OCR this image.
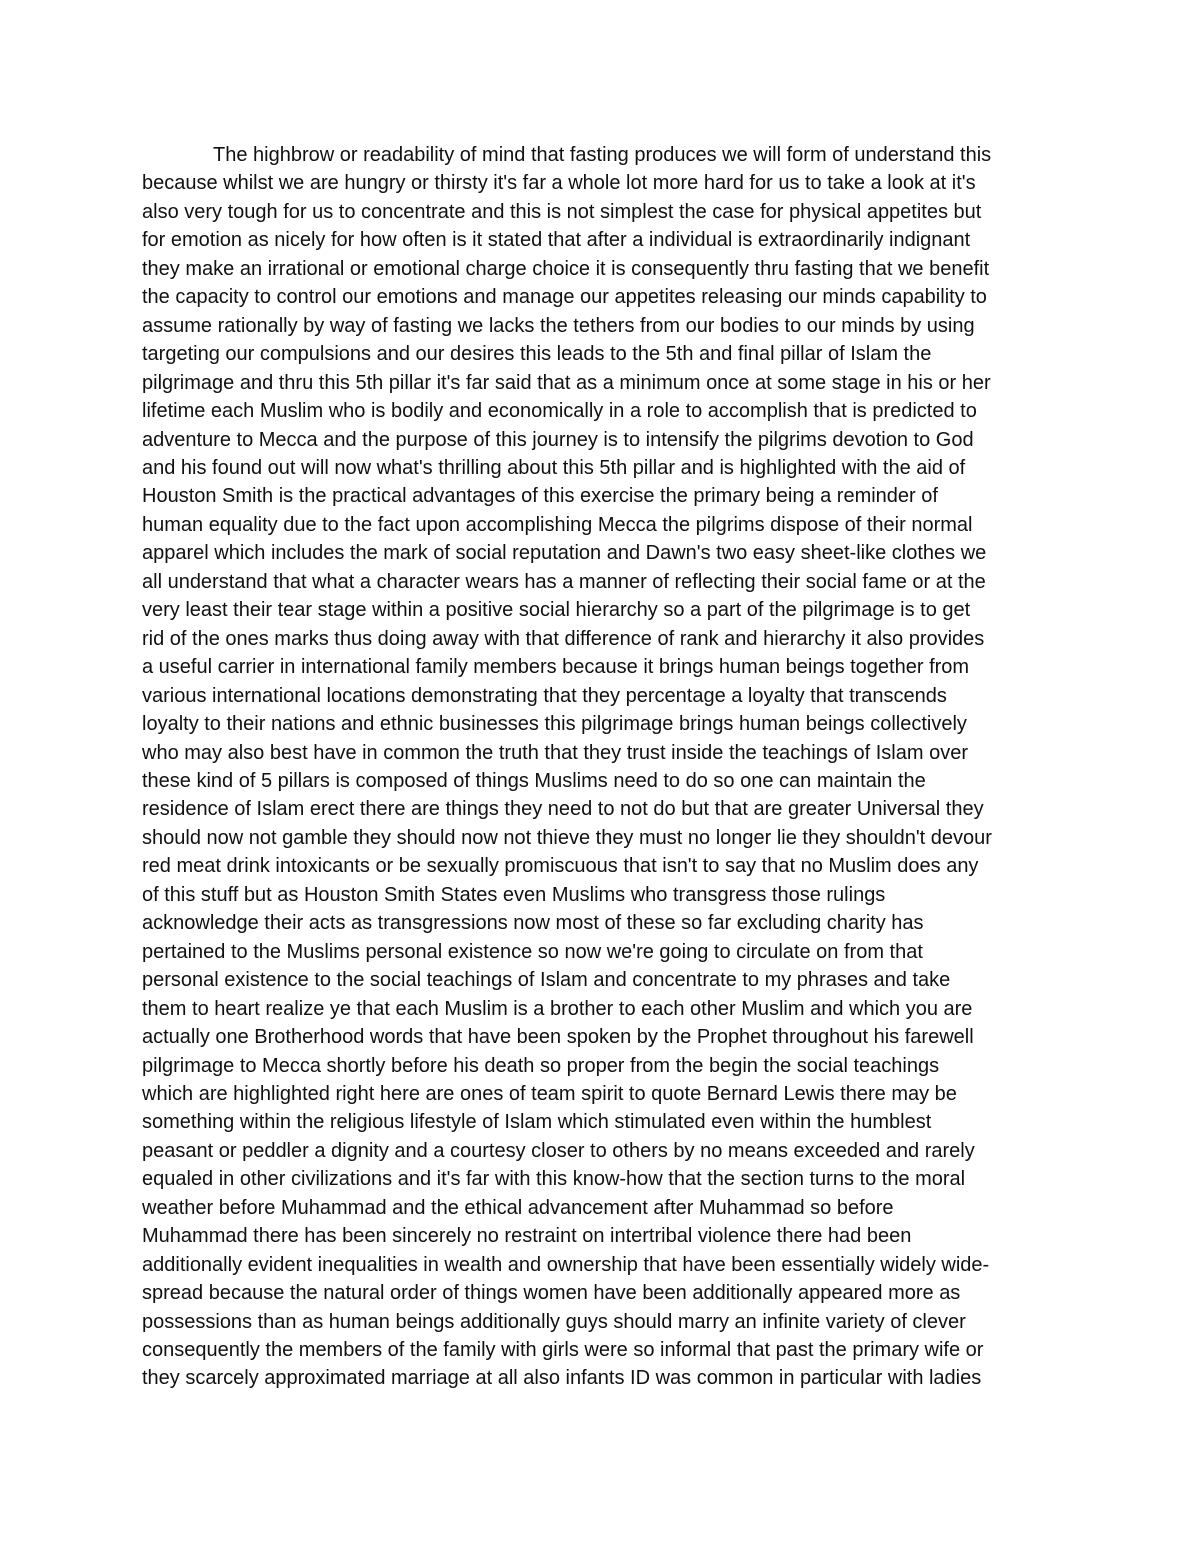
The highbrow or readability of mind that fasting produces we will form of understand this
because whilst we are hungry or thirsty it's far a whole lot more hard for us to take a look at it's
also very tough for us to concentrate and this is not simplest the case for physical appetites but
for emotion as nicely for how often is it stated that after a individual is extraordinarily indignant
they make an irrational or emotional charge choice it is consequently thru fasting that we benefit
the capacity to control our emotions and manage our appetites releasing our minds capability to
assume rationally by way of fasting we lacks the tethers from our bodies to our minds by using
targeting our compulsions and our desires this leads to the 5th and final pillar of Islam the
pilgrimage and thru this 5th pillar it's far said that as a minimum once at some stage in his or her
lifetime each Muslim who is bodily and economically in a role to accomplish that is predicted to
adventure to Mecca and the purpose of this journey is to intensify the pilgrims devotion to God
and his found out will now what's thrilling about this 5th pillar and is highlighted with the aid of
Houston Smith is the practical advantages of this exercise the primary being a reminder of
human equality due to the fact upon accomplishing Mecca the pilgrims dispose of their normal
apparel which includes the mark of social reputation and Dawn's two easy sheet-like clothes we
all understand that what a character wears has a manner of reflecting their social fame or at the
very least their tear stage within a positive social hierarchy so a part of the pilgrimage is to get
rid of the ones marks thus doing away with that difference of rank and hierarchy it also provides
a useful carrier in international family members because it brings human beings together from
various international locations demonstrating that they percentage a loyalty that transcends
loyalty to their nations and ethnic businesses this pilgrimage brings human beings collectively
who may also best have in common the truth that they trust inside the teachings of Islam over
these kind of 5 pillars is composed of things Muslims need to do so one can maintain the
residence of Islam erect there are things they need to not do but that are greater Universal they
should now not gamble they should now not thieve they must no longer lie they shouldn't devour
red meat drink intoxicants or be sexually promiscuous that isn't to say that no Muslim does any
of this stuff but as Houston Smith States even Muslims who transgress those rulings
acknowledge their acts as transgressions now most of these so far excluding charity has
pertained to the Muslims personal existence so now we're going to circulate on from that
personal existence to the social teachings of Islam and concentrate to my phrases and take
them to heart realize ye that each Muslim is a brother to each other Muslim and which you are
actually one Brotherhood words that have been spoken by the Prophet throughout his farewell
pilgrimage to Mecca shortly before his death so proper from the begin the social teachings
which are highlighted right here are ones of team spirit to quote Bernard Lewis there may be
something within the religious lifestyle of Islam which stimulated even within the humblest
peasant or peddler a dignity and a courtesy closer to others by no means exceeded and rarely
equaled in other civilizations and it's far with this know-how that the section turns to the moral
weather before Muhammad and the ethical advancement after Muhammad so before
Muhammad there has been sincerely no restraint on intertribal violence there had been
additionally evident inequalities in wealth and ownership that have been essentially widely wide-
spread because the natural order of things women have been additionally appeared more as
possessions than as human beings additionally guys should marry an infinite variety of clever
consequently the members of the family with girls were so informal that past the primary wife or
they scarcely approximated marriage at all also infants ID was common in particular with ladies
